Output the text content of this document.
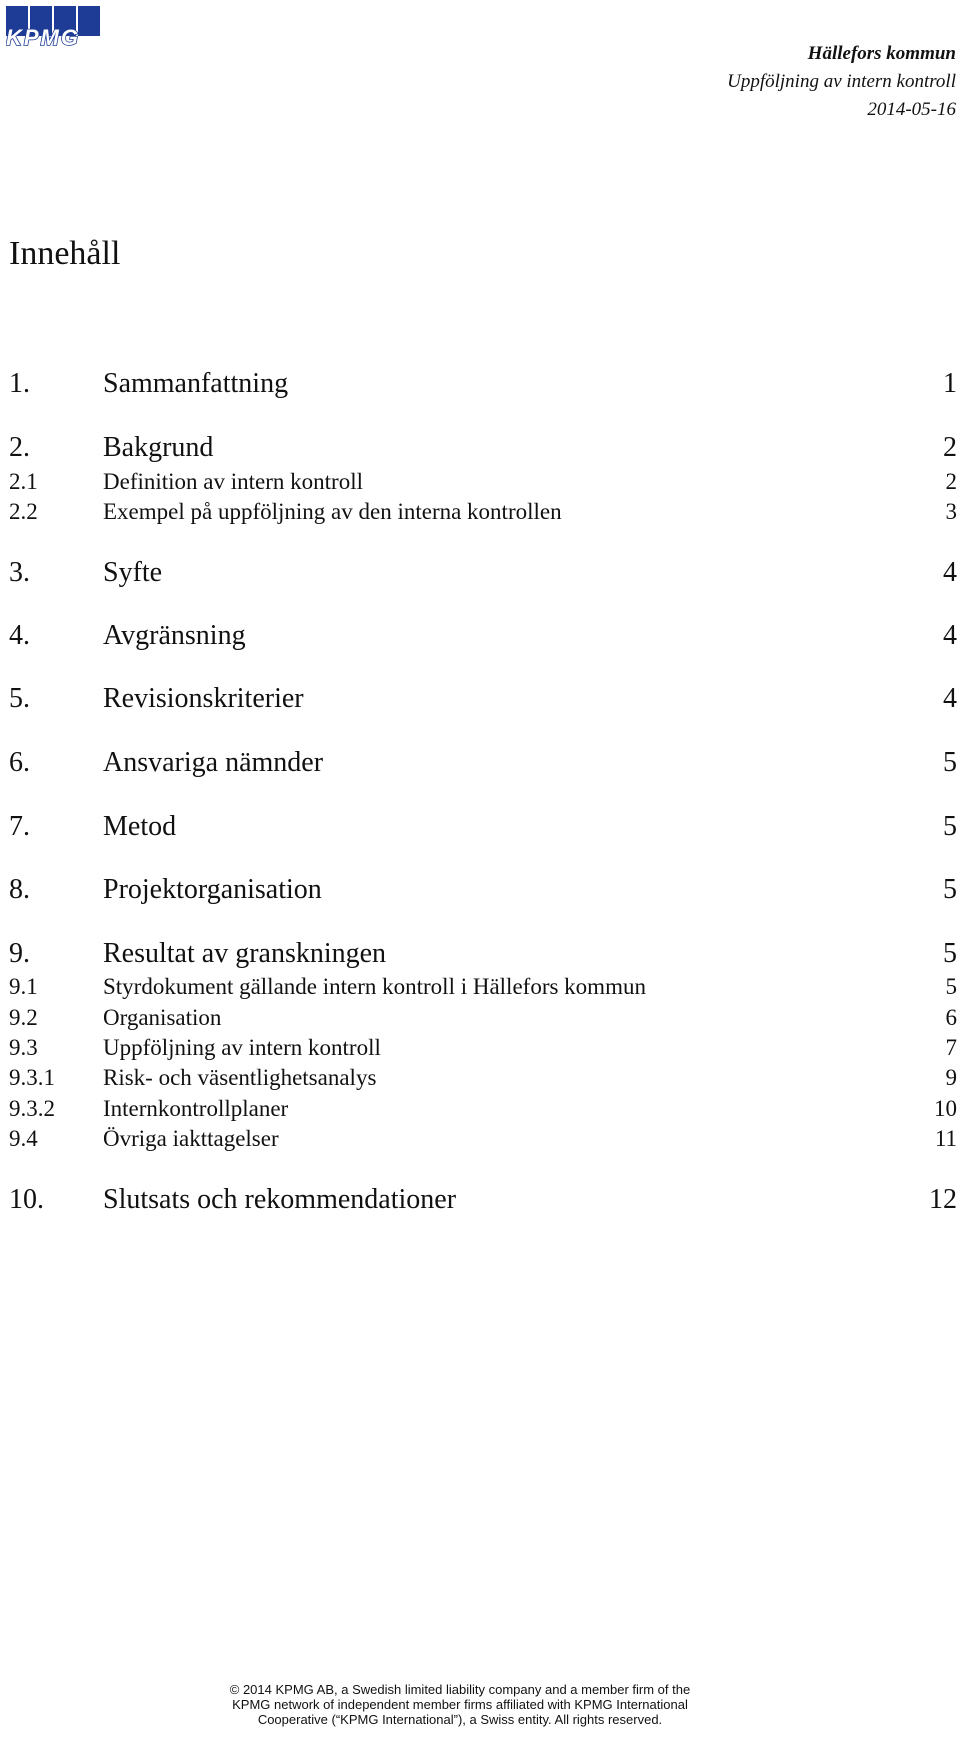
KPMG
Hällefors kommun
Uppföljning av intern kontroll
2014-05-16
Innehåll
1.	Sammanfattning	1
2.	Bakgrund	2
2.1	Definition av intern kontroll	2
2.2	Exempel på uppföljning av den interna kontrollen	3
3.	Syfte	4
4.	Avgränsning	4
5.	Revisionskriterier	4
6.	Ansvariga nämnder	5
7.	Metod	5
8.	Projektorganisation	5
9.	Resultat av granskningen	5
9.1	Styrdokument gällande intern kontroll i Hällefors kommun	5
9.2	Organisation	6
9.3	Uppföljning av intern kontroll	7
9.3.1	Risk- och väsentlighetsanalys	9
9.3.2	Internkontrollplaner	10
9.4	Övriga iakttagelser	11
10.	Slutsats och rekommendationer	12
© 2014 KPMG AB, a Swedish limited liability company and a member firm of the
KPMG network of independent member firms affiliated with KPMG International
Cooperative (“KPMG International”), a Swiss entity. All rights reserved.
